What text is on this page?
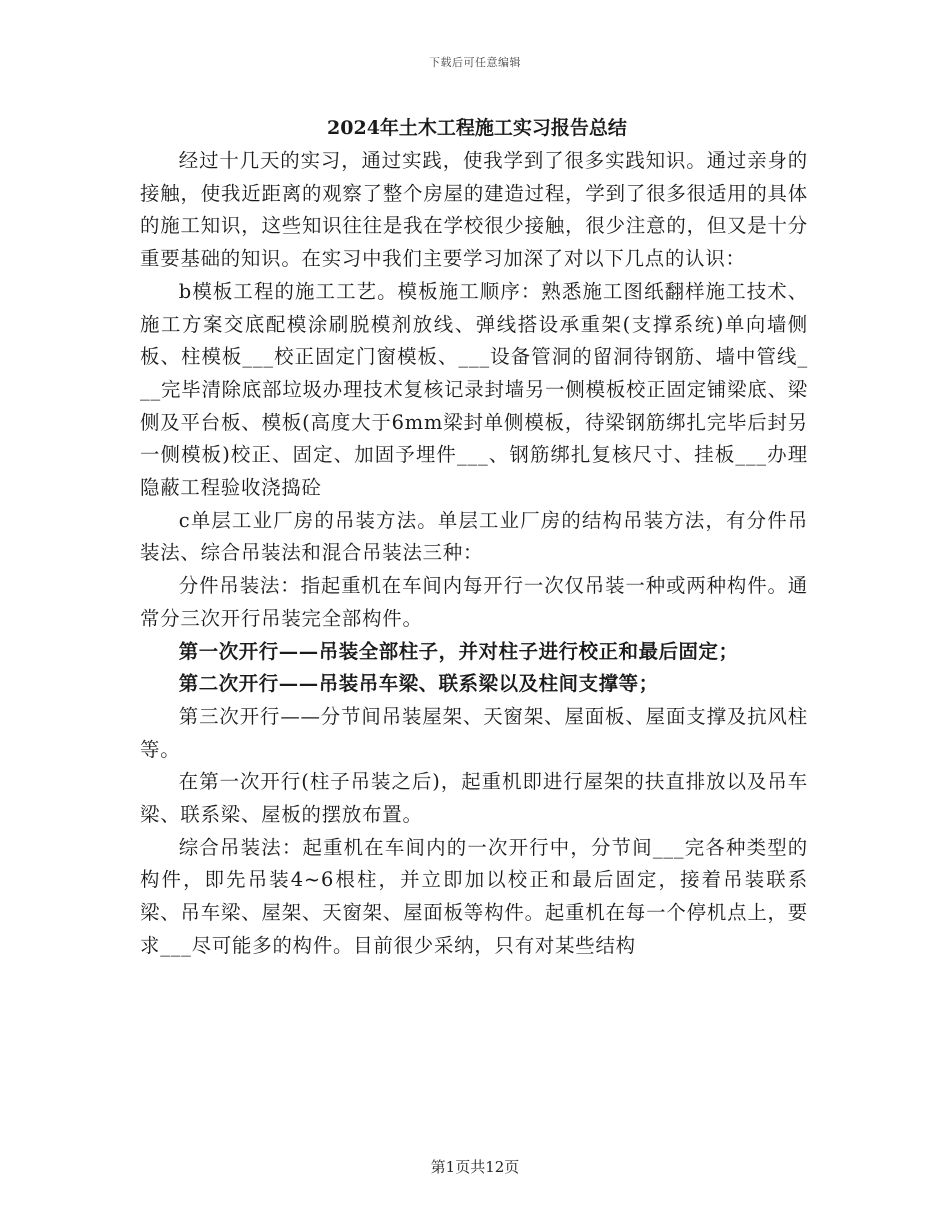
下载后可任意编辑
2024年土木工程施工实习报告总结

经过十几天的实习，通过实践，使我学到了很多实践知识。通过亲身的接触，使我近距离的观察了整个房屋的建造过程，学到了很多很适用的具体的施工知识，这些知识往往是我在学校很少接触，很少注意的，但又是十分重要基础的知识。在实习中我们主要学习加深了对以下几点的认识：

b模板工程的施工工艺。模板施工顺序：熟悉施工图纸翻样施工技术、施工方案交底配模涂刷脱模剂放线、弹线搭设承重架(支撑系统)单向墙侧板、柱模板___校正固定门窗模板、___设备管洞的留洞待钢筋、墙中管线___完毕清除底部垃圾办理技术复核记录封墙另一侧模板校正固定铺梁底、梁侧及平台板、模板(高度大于6mm梁封单侧模板，待梁钢筋绑扎完毕后封另一侧模板)校正、固定、加固予埋件___、钢筋绑扎复核尺寸、挂板___办理隐蔽工程验收浇捣砼

c单层工业厂房的吊装方法。单层工业厂房的结构吊装方法，有分件吊装法、综合吊装法和混合吊装法三种：

分件吊装法：指起重机在车间内每开行一次仅吊装一种或两种构件。通常分三次开行吊装完全部构件。

第一次开行——吊装全部柱子，并对柱子进行校正和最后固定；

第二次开行——吊装吊车梁、联系梁以及柱间支撑等；

第三次开行——分节间吊装屋架、天窗架、屋面板、屋面支撑及抗风柱等。

在第一次开行(柱子吊装之后)，起重机即进行屋架的扶直排放以及吊车梁、联系梁、屋板的摆放布置。

综合吊装法：起重机在车间内的一次开行中，分节间___完各种类型的构件，即先吊装4~6根柱，并立即加以校正和最后固定，接着吊装联系梁、吊车梁、屋架、天窗架、屋面板等构件。起重机在每一个停机点上，要求___尽可能多的构件。目前很少采纳，只有对某些结构

第1页共12页
